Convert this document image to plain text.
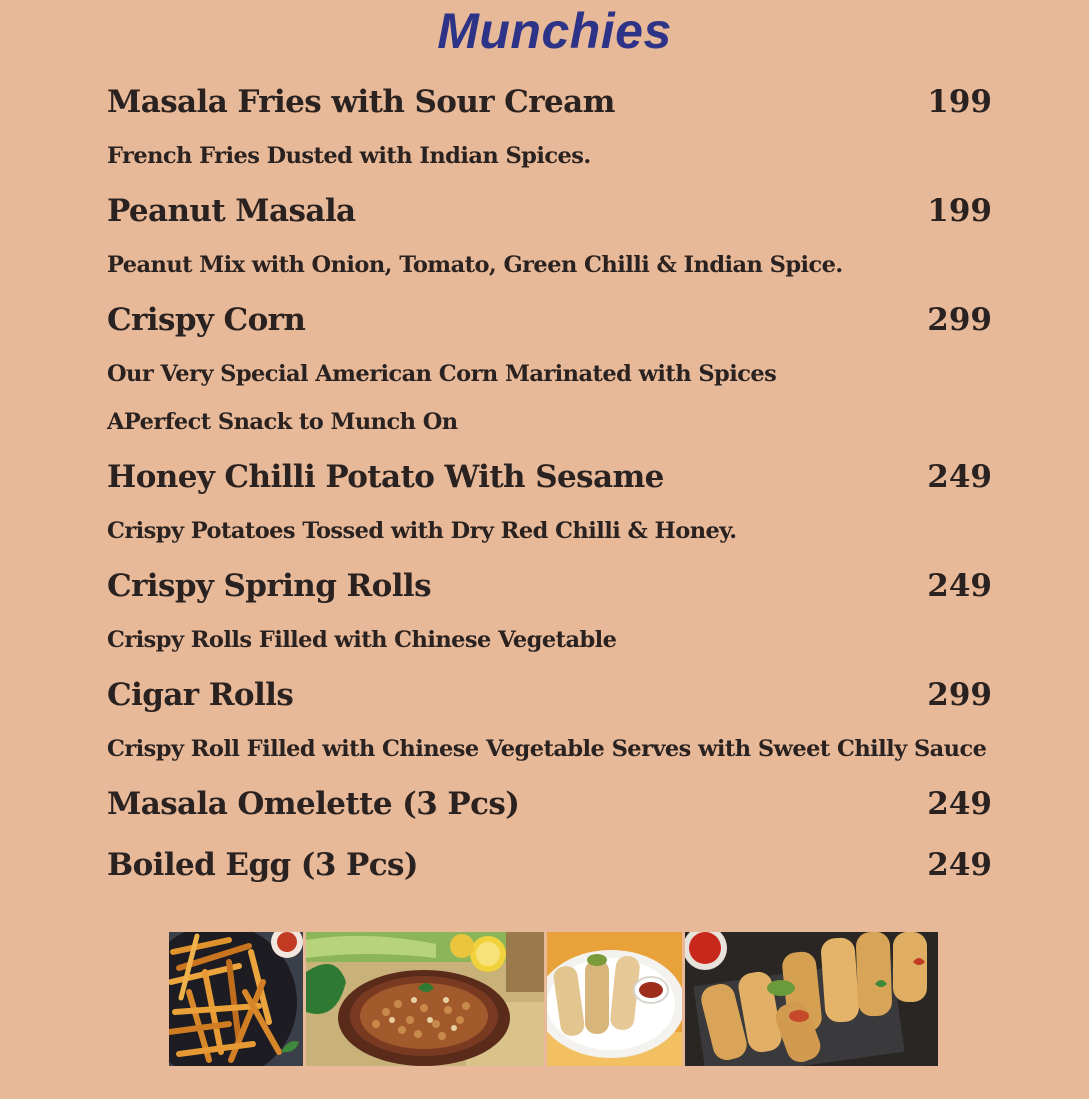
Munchies
Masala Fries with Sour Cream	199
French Fries Dusted with Indian Spices.
Peanut Masala	199
Peanut Mix with Onion, Tomato, Green Chilli & Indian Spice.
Crispy Corn	299
Our Very Special American Corn Marinated with Spices
APerfect Snack to Munch On
Honey Chilli Potato With Sesame	249
Crispy Potatoes Tossed with Dry Red Chilli & Honey.
Crispy Spring Rolls	249
Crispy Rolls Filled with Chinese Vegetable
Cigar Rolls	299
Crispy Roll Filled with Chinese Vegetable Serves with Sweet Chilly Sauce
Masala Omelette (3 Pcs)	249
Boiled Egg (3 Pcs)	249
